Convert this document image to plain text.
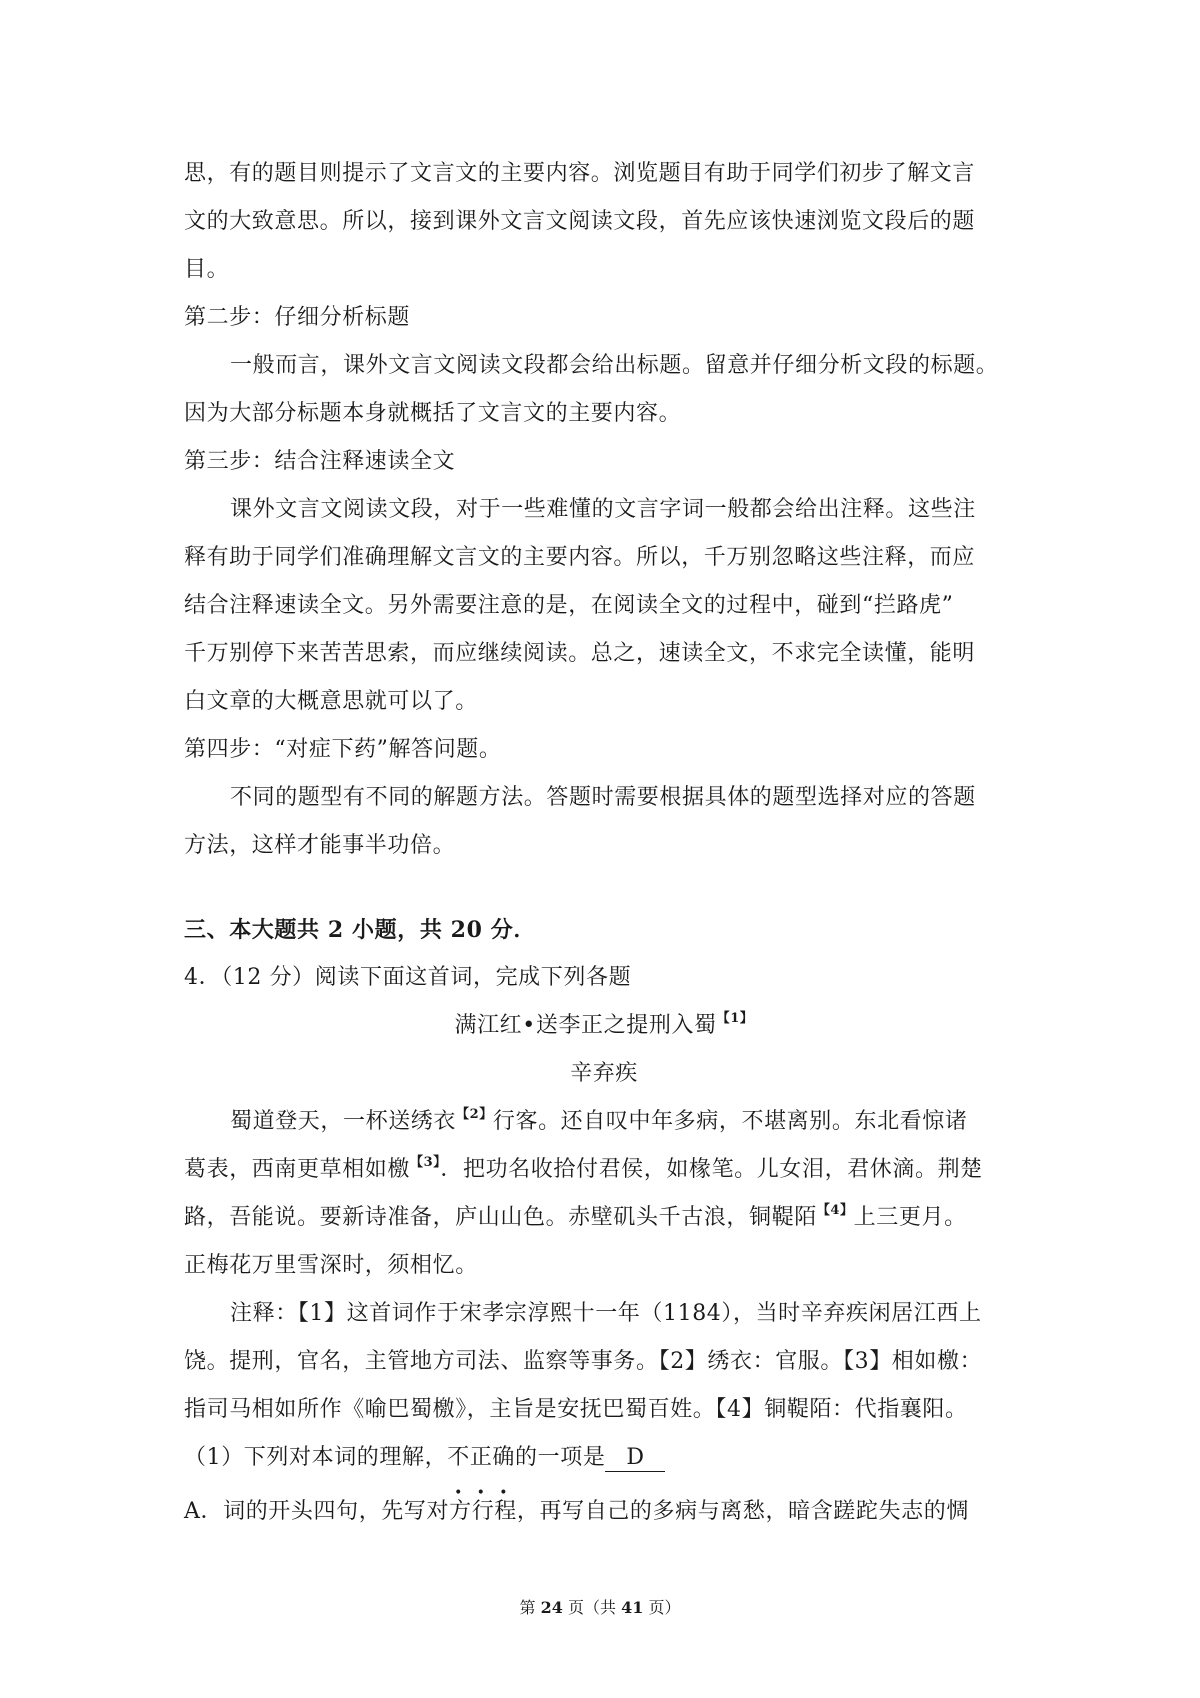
思，有的题目则提示了文言文的主要内容。浏览题目有助于同学们初步了解文言
文的大致意思。所以，接到课外文言文阅读文段，首先应该快速浏览文段后的题
目。
第二步：仔细分析标题
一般而言，课外文言文阅读文段都会给出标题。留意并仔细分析文段的标题。
因为大部分标题本身就概括了文言文的主要内容。
第三步：结合注释速读全文
课外文言文阅读文段，对于一些难懂的文言字词一般都会给出注释。这些注
释有助于同学们准确理解文言文的主要内容。所以，千万别忽略这些注释，而应
结合注释速读全文。另外需要注意的是，在阅读全文的过程中，碰到“拦路虎”
千万别停下来苦苦思索，而应继续阅读。总之，速读全文，不求完全读懂，能明
白文章的大概意思就可以了。
第四步：“对症下药”解答问题。
不同的题型有不同的解题方法。答题时需要根据具体的题型选择对应的答题
方法，这样才能事半功倍。
三、本大题共 2 小题，共 20 分．
4．（12 分）阅读下面这首词，完成下列各题
满江红•送李正之提刑入蜀$^{【1】}$
辛弃疾
蜀道登天，一杯送绣衣$^{【2】}$行客。还自叹中年多病，不堪离别。东北看惊诸
葛表，西南更草相如檄$^{【3】}$．把功名收拾付君侯，如椽笔。儿女泪，君休滴。荆楚
路，吾能说。要新诗准备，庐山山色。赤壁矶头千古浪，铜鞮陌$^{【4】}$上三更月。
正梅花万里雪深时，须相忆。
注释：【1】这首词作于宋孝宗淳熙十一年（1184），当时辛弃疾闲居江西上
饶。提刑，官名，主管地方司法、监察等事务。【2】绣衣：官服。【3】相如檄：
指司马相如所作《喻巴蜀檄》，主旨是安抚巴蜀百姓。【4】铜鞮陌：代指襄阳。
（1）下列对本词的理解，不正确的一项是 D
A．词的开头四句，先写对方行程，再写自己的多病与离愁，暗含蹉跎失志的惆
第 24 页（共 41 页）
